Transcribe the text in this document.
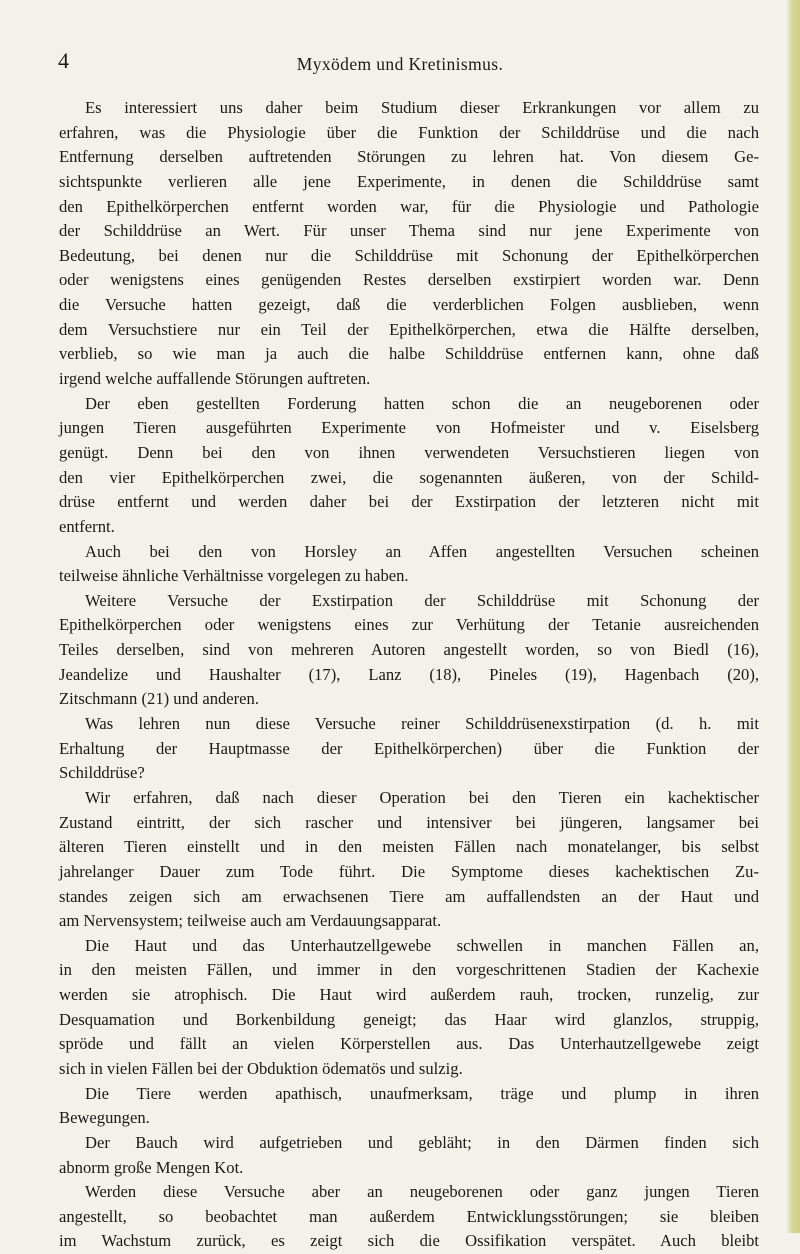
4	Myxödem und Kretinismus.
Es interessiert uns daher beim Studium dieser Erkrankungen vor allem zu
erfahren, was die Physiologie über die Funktion der Schilddrüse und die nach
Entfernung derselben auftretenden Störungen zu lehren hat. Von diesem Ge-
sichtspunkte verlieren alle jene Experimente, in denen die Schilddrüse samt
den Epithelkörperchen entfernt worden war, für die Physiologie und Pathologie
der Schilddrüse an Wert. Für unser Thema sind nur jene Experimente von
Bedeutung, bei denen nur die Schilddrüse mit Schonung der Epithelkörperchen
oder wenigstens eines genügenden Restes derselben exstirpiert worden war. Denn
die Versuche hatten gezeigt, daß die verderblichen Folgen ausblieben, wenn
dem Versuchstiere nur ein Teil der Epithelkörperchen, etwa die Hälfte derselben,
verblieb, so wie man ja auch die halbe Schilddrüse entfernen kann, ohne daß
irgend welche auffallende Störungen auftreten.
Der eben gestellten Forderung hatten schon die an neugeborenen oder
jungen Tieren ausgeführten Experimente von Hofmeister und v. Eiselsberg
genügt. Denn bei den von ihnen verwendeten Versuchstieren liegen von
den vier Epithelkörperchen zwei, die sogenannten äußeren, von der Schild-
drüse entfernt und werden daher bei der Exstirpation der letzteren nicht mit
entfernt.
Auch bei den von Horsley an Affen angestellten Versuchen scheinen
teilweise ähnliche Verhältnisse vorgelegen zu haben.
Weitere Versuche der Exstirpation der Schilddrüse mit Schonung der
Epithelkörperchen oder wenigstens eines zur Verhütung der Tetanie ausreichenden
Teiles derselben, sind von mehreren Autoren angestellt worden, so von Biedl (16),
Jeandelize und Haushalter (17), Lanz (18), Pineles (19), Hagenbach (20),
Zitschmann (21) und anderen.
Was lehren nun diese Versuche reiner Schilddrüsenexstirpation (d. h. mit
Erhaltung der Hauptmasse der Epithelkörperchen) über die Funktion der
Schilddrüse?
Wir erfahren, daß nach dieser Operation bei den Tieren ein kachektischer
Zustand eintritt, der sich rascher und intensiver bei jüngeren, langsamer bei
älteren Tieren einstellt und in den meisten Fällen nach monatelanger, bis selbst
jahrelanger Dauer zum Tode führt. Die Symptome dieses kachektischen Zu-
standes zeigen sich am erwachsenen Tiere am auffallendsten an der Haut und
am Nervensystem; teilweise auch am Verdauungsapparat.
Die Haut und das Unterhautzellgewebe schwellen in manchen Fällen an,
in den meisten Fällen, und immer in den vorgeschrittenen Stadien der Kachexie
werden sie atrophisch. Die Haut wird außerdem rauh, trocken, runzelig, zur
Desquamation und Borkenbildung geneigt; das Haar wird glanzlos, struppig,
spröde und fällt an vielen Körperstellen aus. Das Unterhautzellgewebe zeigt
sich in vielen Fällen bei der Obduktion ödematös und sulzig.
Die Tiere werden apathisch, unaufmerksam, träge und plump in ihren
Bewegungen.
Der Bauch wird aufgetrieben und gebläht; in den Därmen finden sich
abnorm große Mengen Kot.
Werden diese Versuche aber an neugeborenen oder ganz jungen Tieren
angestellt, so beobachtet man außerdem Entwicklungsstörungen; sie bleiben
im Wachstum zurück, es zeigt sich die Ossifikation verspätet. Auch bleibt
